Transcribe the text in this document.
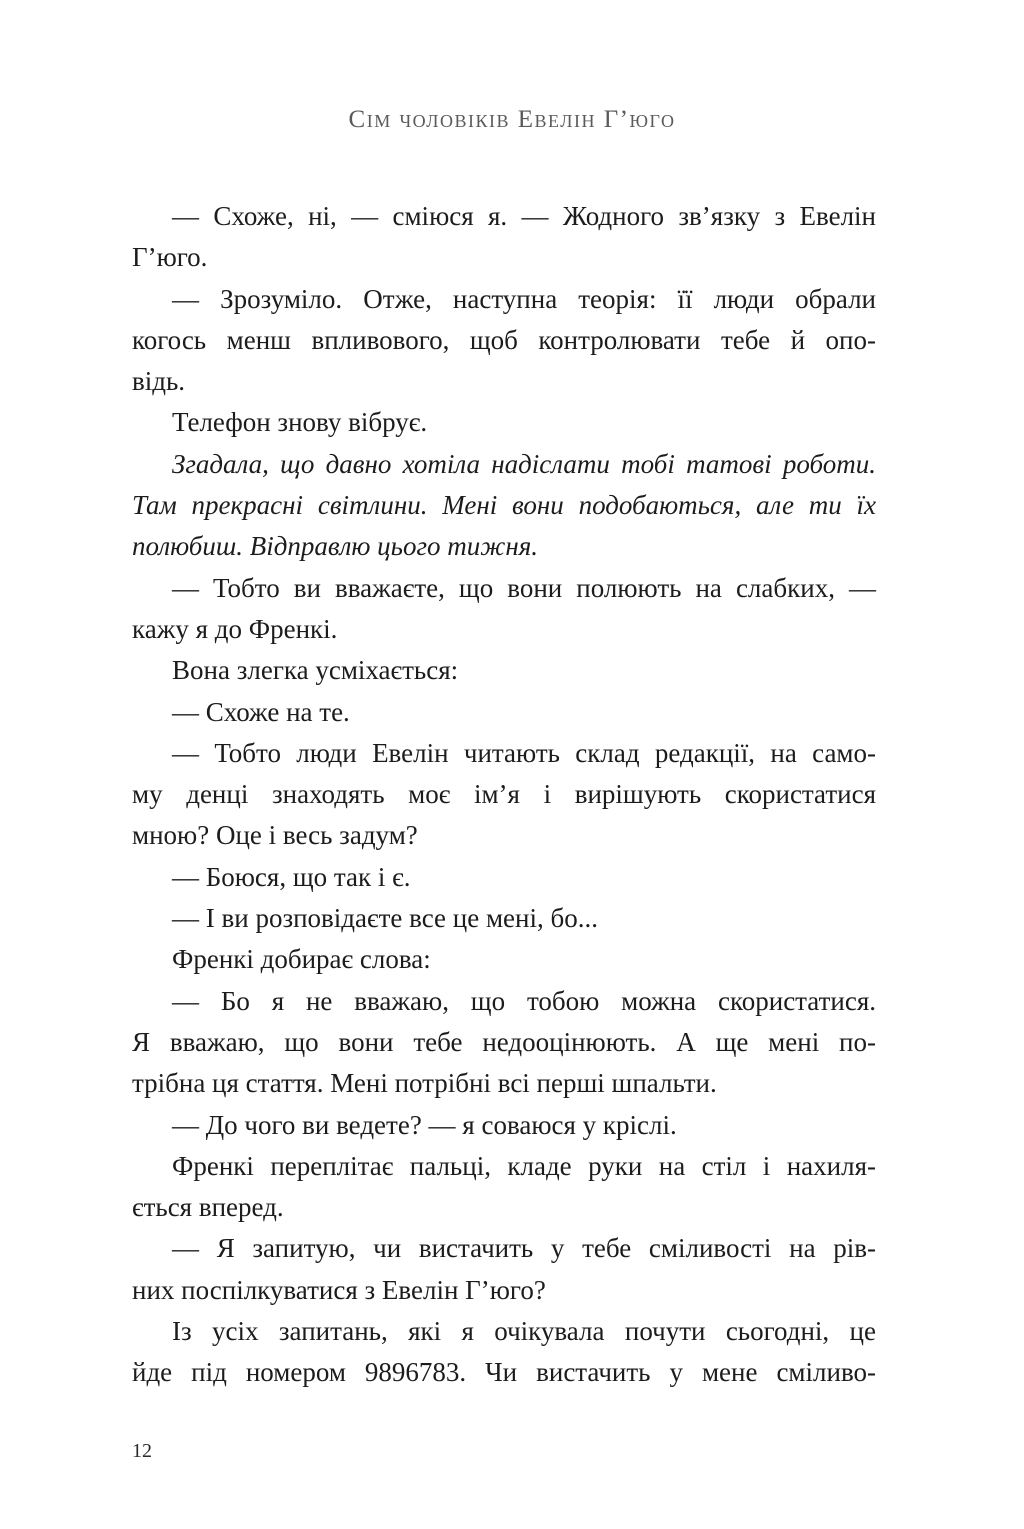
Сім чоловіків Евелін Г’юго
— Схоже, ні, — сміюся я. — Жодного зв’язку з Евелін
Г’юго.
— Зрозуміло. Отже, наступна теорія: її люди обрали
когось менш впливового, щоб контролювати тебе й опо-
відь.
Телефон знову вібрує.
Згадала, що давно хотіла надіслати тобі татові роботи.
Там прекрасні світлини. Мені вони подобаються, але ти їх
полюбиш. Відправлю цього тижня.
— Тобто ви вважаєте, що вони полюють на слабких, —
кажу я до Френкі.
Вона злегка усміхається:
— Схоже на те.
— Тобто люди Евелін читають склад редакції, на само-
му денці знаходять моє ім’я і вирішують скористатися
мною? Оце і весь задум?
— Боюся, що так і є.
— І ви розповідаєте все це мені, бо...
Френкі добирає слова:
— Бо я не вважаю, що тобою можна скористатися.
Я вважаю, що вони тебе недооцінюють. А ще мені по-
трібна ця стаття. Мені потрібні всі перші шпальти.
— До чого ви ведете? — я соваюся у кріслі.
Френкі переплітає пальці, кладе руки на стіл і нахиля-
ється вперед.
— Я запитую, чи вистачить у тебе сміливості на рів-
них поспілкуватися з Евелін Г’юго?
Із усіх запитань, які я очікувала почути сьогодні, це
йде під номером 9896783. Чи вистачить у мене сміливо-
12
